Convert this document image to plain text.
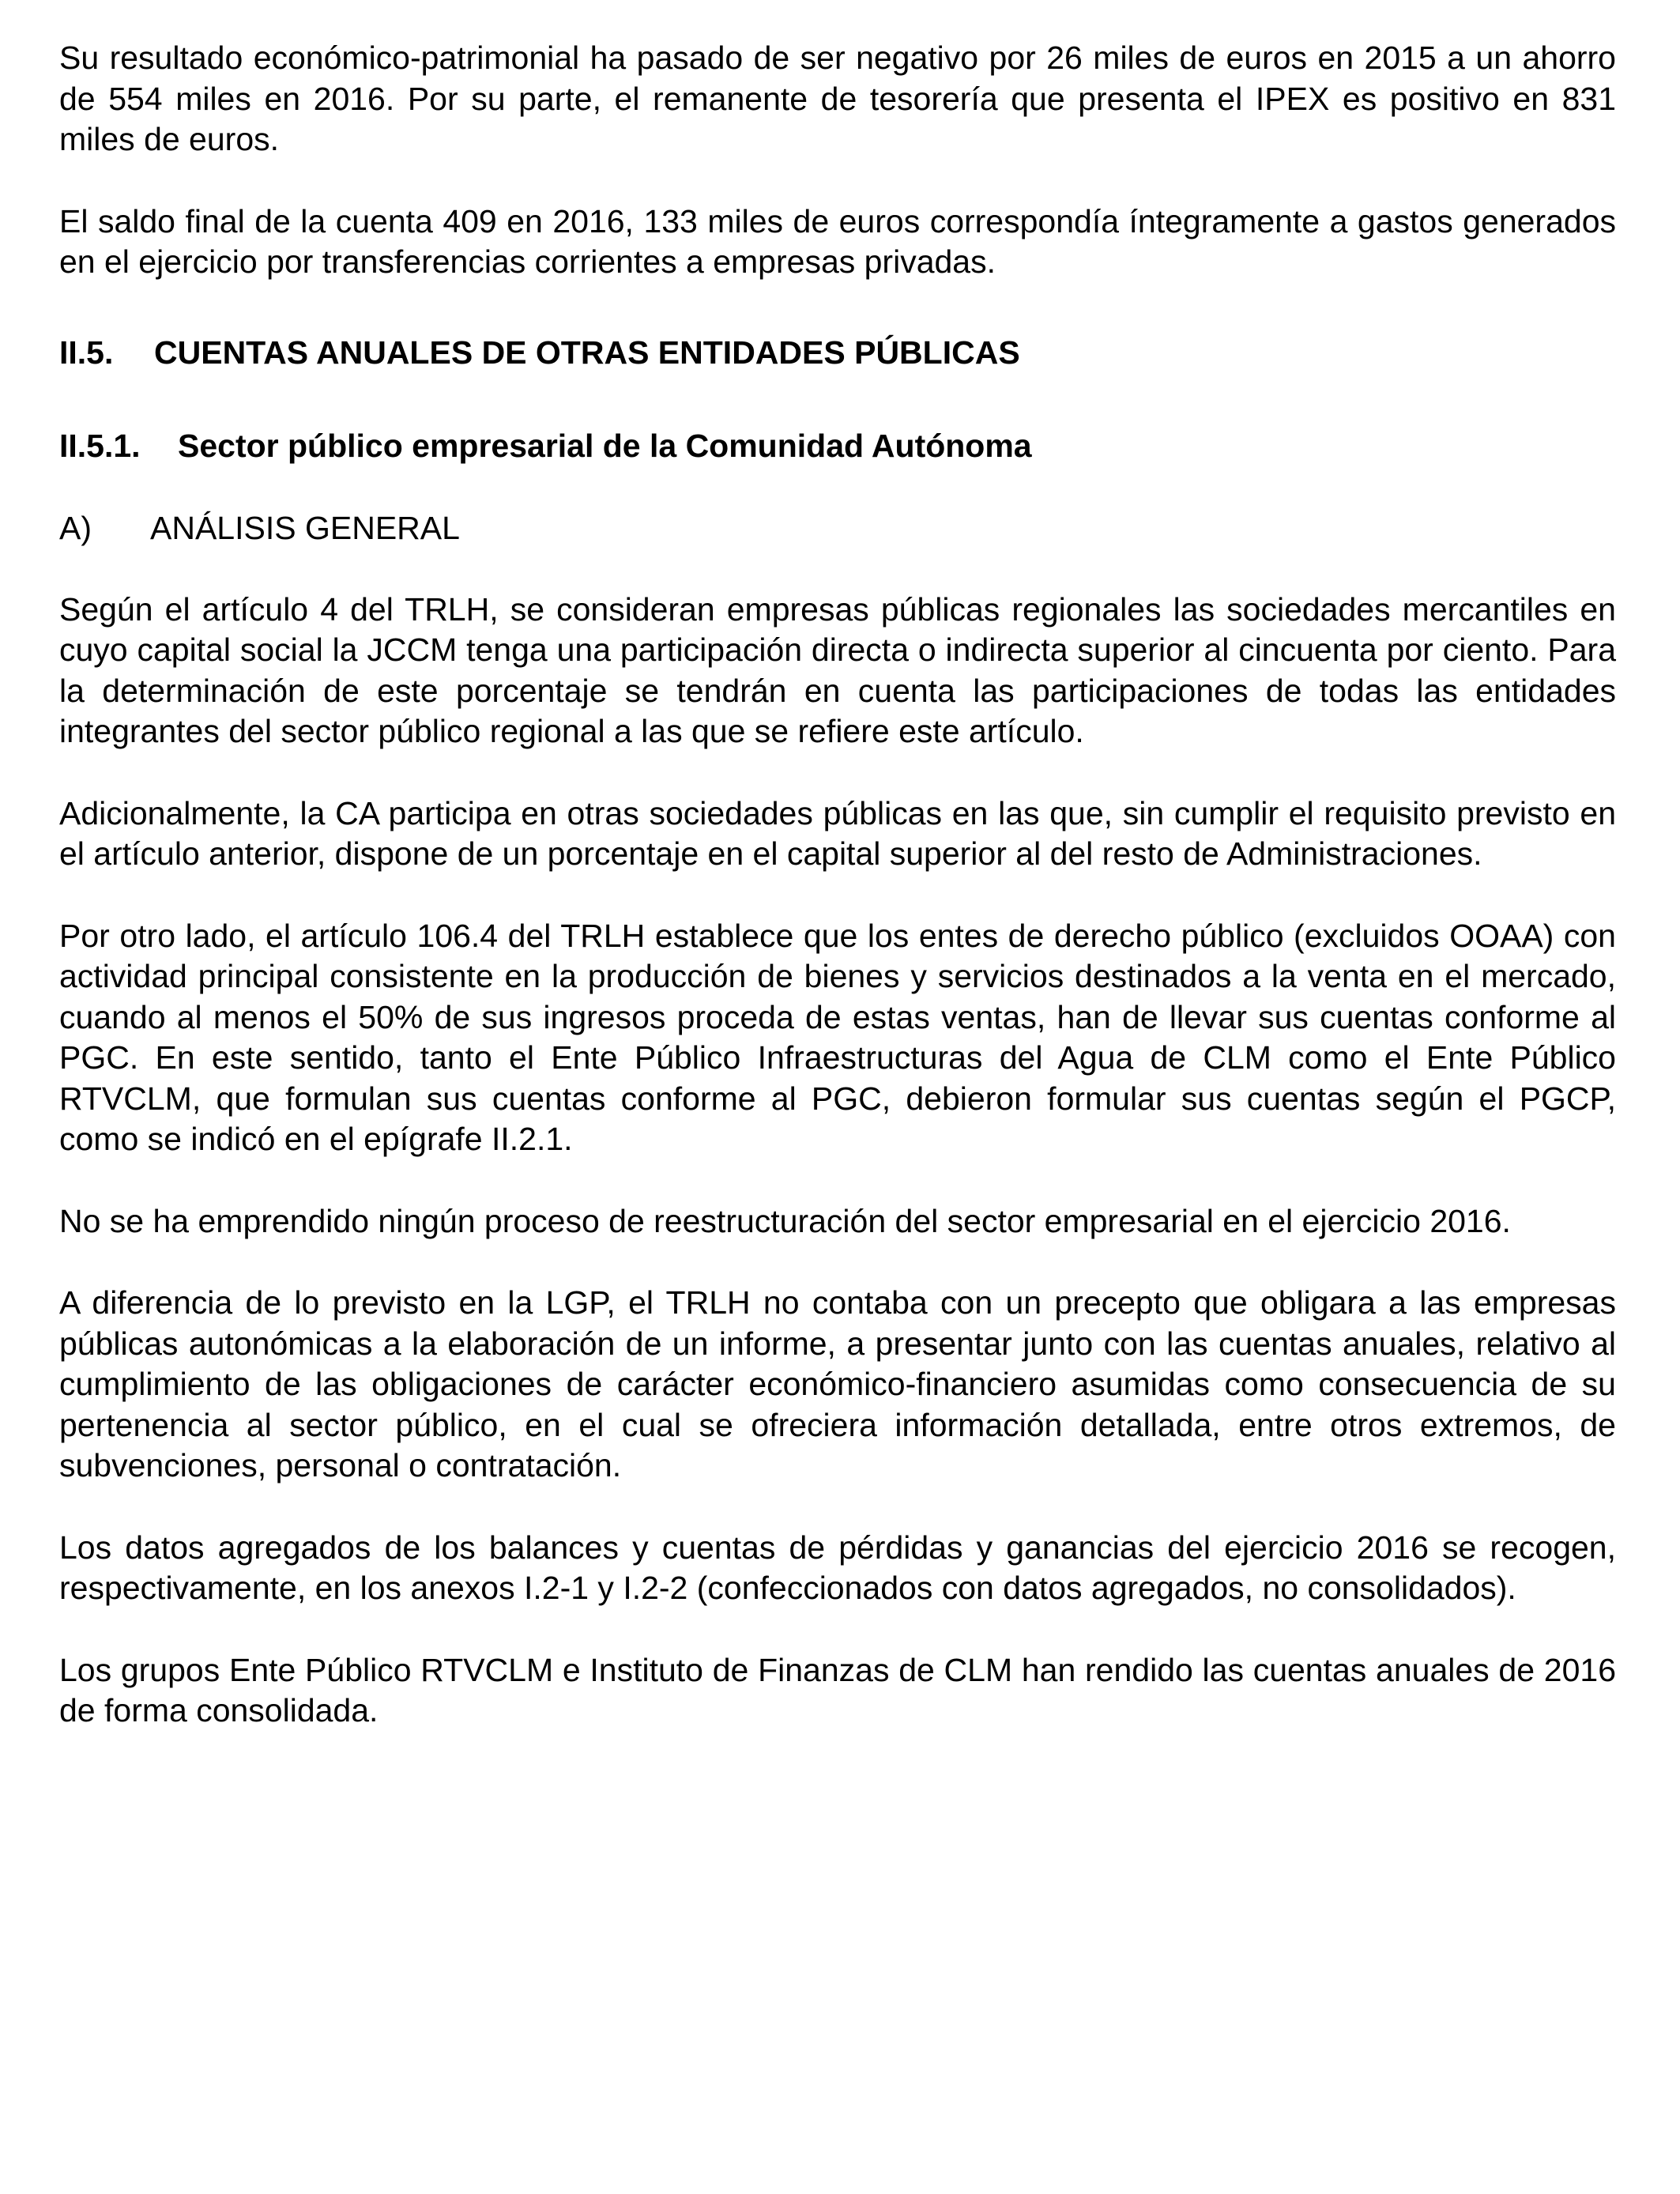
Su resultado económico-patrimonial ha pasado de ser negativo por 26 miles de euros en 2015 a un ahorro de 554 miles en 2016. Por su parte, el remanente de tesorería que presenta el IPEX es positivo en 831 miles de euros.

El saldo final de la cuenta 409 en 2016, 133 miles de euros correspondía íntegramente a gastos generados en el ejercicio por transferencias corrientes a empresas privadas.

II.5. CUENTAS ANUALES DE OTRAS ENTIDADES PÚBLICAS
II.5.1. Sector público empresarial de la Comunidad Autónoma
A) ANÁLISIS GENERAL

Según el artículo 4 del TRLH, se consideran empresas públicas regionales las sociedades mercantiles en cuyo capital social la JCCM tenga una participación directa o indirecta superior al cincuenta por ciento. Para la determinación de este porcentaje se tendrán en cuenta las participaciones de todas las entidades integrantes del sector público regional a las que se refiere este artículo.

Adicionalmente, la CA participa en otras sociedades públicas en las que, sin cumplir el requisito previsto en el artículo anterior, dispone de un porcentaje en el capital superior al del resto de Administraciones.

Por otro lado, el artículo 106.4 del TRLH establece que los entes de derecho público (excluidos OOAA) con actividad principal consistente en la producción de bienes y servicios destinados a la venta en el mercado, cuando al menos el 50% de sus ingresos proceda de estas ventas, han de llevar sus cuentas conforme al PGC. En este sentido, tanto el Ente Público Infraestructuras del Agua de CLM como el Ente Público RTVCLM, que formulan sus cuentas conforme al PGC, debieron formular sus cuentas según el PGCP, como se indicó en el epígrafe II.2.1.

No se ha emprendido ningún proceso de reestructuración del sector empresarial en el ejercicio 2016.

A diferencia de lo previsto en la LGP, el TRLH no contaba con un precepto que obligara a las empresas públicas autonómicas a la elaboración de un informe, a presentar junto con las cuentas anuales, relativo al cumplimiento de las obligaciones de carácter económico-financiero asumidas como consecuencia de su pertenencia al sector público, en el cual se ofreciera información detallada, entre otros extremos, de subvenciones, personal o contratación.

Los datos agregados de los balances y cuentas de pérdidas y ganancias del ejercicio 2016 se recogen, respectivamente, en los anexos I.2-1 y I.2-2 (confeccionados con datos agregados, no consolidados).

Los grupos Ente Público RTVCLM e Instituto de Finanzas de CLM han rendido las cuentas anuales de 2016 de forma consolidada.
